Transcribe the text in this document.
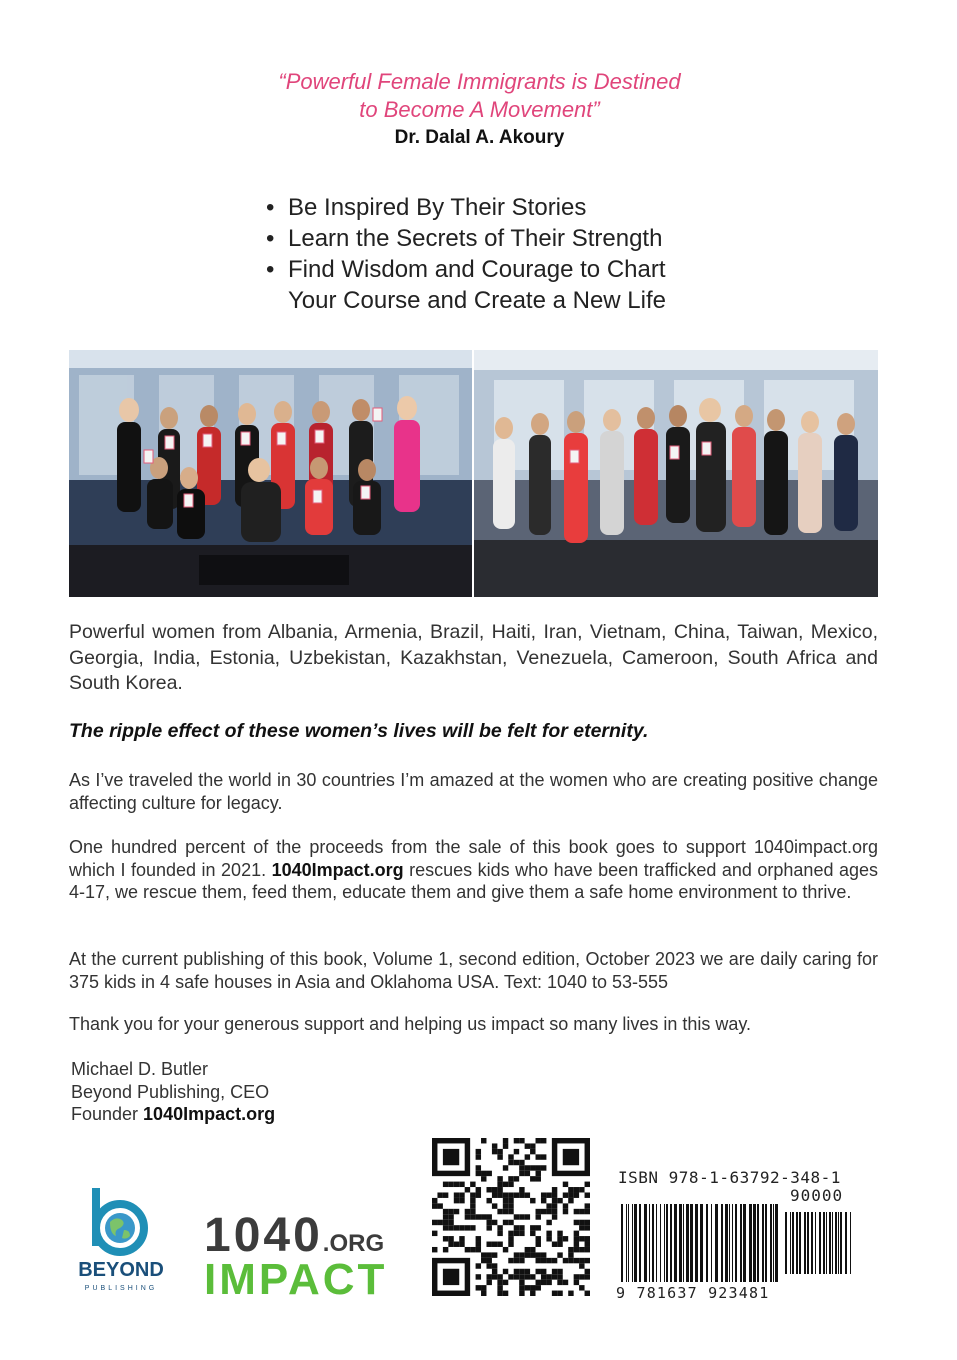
“Powerful Female Immigrants is Destined
to Become A Movement”
Dr. Dalal A. Akoury
• Be Inspired By Their Stories
• Learn the Secrets of Their Strength
• Find Wisdom and Courage to Chart
Your Course and Create a New Life
Powerful women from Albania, Armenia, Brazil, Haiti, Iran, Vietnam, China, Taiwan, Mexico, Georgia, India, Estonia, Uzbekistan, Kazakhstan, Venezuela, Cameroon, South Africa and South Korea.
The ripple effect of these women’s lives will be felt for eternity.
As I’ve traveled the world in 30 countries I’m amazed at the women who are creating positive change affecting culture for legacy.
One hundred percent of the proceeds from the sale of this book goes to support 1040impact.org which I founded in 2021. 1040Impact.org rescues kids who have been trafficked and orphaned ages 4-17, we rescue them, feed them, educate them and give them a safe home environment to thrive.
At the current publishing of this book, Volume 1, second edition, October 2023 we are daily caring for 375 kids in 4 safe houses in Asia and Oklahoma USA. Text: 1040 to 53-555
Thank you for your generous support and helping us impact so many lives in this way.
Michael D. Butler
Beyond Publishing, CEO
Founder 1040Impact.org
BEYOND
PUBLISHING
1040.ORG
IMPACT
ISBN 978-1-63792-348-1
90000
9 781637 923481
